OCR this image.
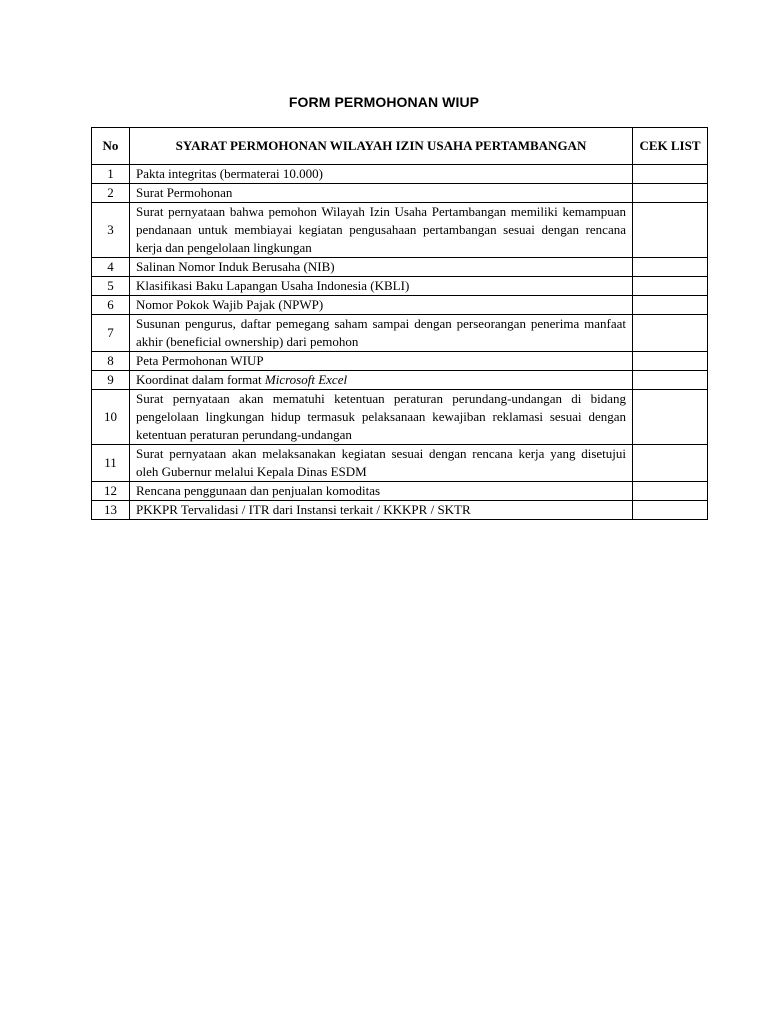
FORM PERMOHONAN WIUP
No	SYARAT PERMOHONAN WILAYAH IZIN USAHA PERTAMBANGAN	CEK LIST
1	Pakta integritas (bermaterai 10.000)	
2	Surat Permohonan	
3	Surat pernyataan bahwa pemohon Wilayah Izin Usaha Pertambangan memiliki kemampuan pendanaan untuk membiayai kegiatan pengusahaan pertambangan sesuai dengan rencana kerja dan pengelolaan lingkungan	
4	Salinan Nomor Induk Berusaha (NIB)	
5	Klasifikasi Baku Lapangan Usaha Indonesia (KBLI)	
6	Nomor Pokok Wajib Pajak (NPWP)	
7	Susunan pengurus, daftar pemegang saham sampai dengan perseorangan penerima manfaat akhir (beneficial ownership) dari pemohon	
8	Peta Permohonan WIUP	
9	Koordinat dalam format Microsoft Excel	
10	Surat pernyataan akan mematuhi ketentuan peraturan perundang-undangan di bidang pengelolaan lingkungan hidup termasuk pelaksanaan kewajiban reklamasi sesuai dengan ketentuan peraturan perundang-undangan	
11	Surat pernyataan akan melaksanakan kegiatan sesuai dengan rencana kerja yang disetujui oleh Gubernur melalui Kepala Dinas ESDM	
12	Rencana penggunaan dan penjualan komoditas	
13	PKKPR Tervalidasi / ITR dari Instansi terkait / KKKPR / SKTR	
